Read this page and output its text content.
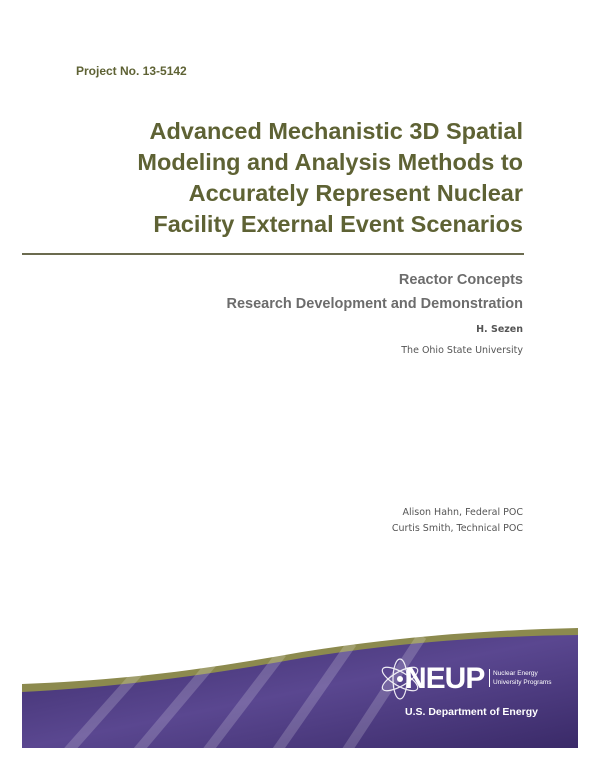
Project No. 13-5142
Advanced Mechanistic 3D Spatial
Modeling and Analysis Methods to
Accurately Represent Nuclear
Facility External Event Scenarios
Reactor Concepts
Research Development and Demonstration
H. Sezen
The Ohio State University
Alison Hahn, Federal POC
Curtis Smith, Technical POC
NEUP Nuclear Energy
University Programs
U.S. Department of Energy
